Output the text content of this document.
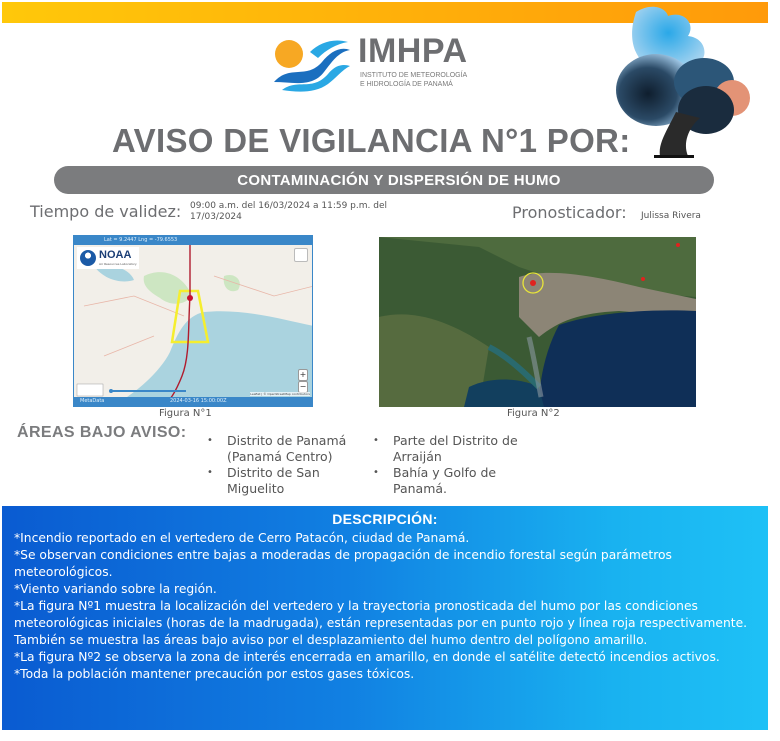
IMHPA
INSTITUTO DE METEOROLOGÍA
E HIDROLOGÍA DE PANAMÁ
AVISO DE VIGILANCIA N°1 POR:
CONTAMINACIÓN Y DISPERSIÓN DE HUMO
Tiempo de validez: 09:00 a.m. del 16/03/2024 a 11:59 p.m. del 17/03/2024	Pronosticador: Julissa Rivera
Lat = 9.2447 Lng = -79.6553
NOAA
Air Resources Laboratory
+
−
Leaflet | © OpenStreetMap contributors
MetaData	2024-03-16 15:00:00Z
Figura N°1	Figura N°2
ÁREAS BAJO AVISO:	• Distrito de Panamá (Panamá Centro)
• Distrito de San Miguelito
• Parte del Distrito de Arraiján
• Bahía y Golfo de Panamá.
DESCRIPCIÓN:
*Incendio reportado en el vertedero de Cerro Patacón, ciudad de Panamá.
*Se observan condiciones entre bajas a moderadas de propagación de incendio forestal según parámetros meteorológicos.
*Viento variando sobre la región.
*La figura Nº1 muestra la localización del vertedero y la trayectoria pronosticada del humo por las condiciones meteorológicas iniciales (horas de la madrugada), están representadas por en punto rojo y línea roja respectivamente. También se muestra las áreas bajo aviso por el desplazamiento del humo dentro del polígono amarillo.
*La figura Nº2 se observa la zona de interés encerrada en amarillo, en donde el satélite detectó incendios activos.
*Toda la población mantener precaución por estos gases tóxicos.
